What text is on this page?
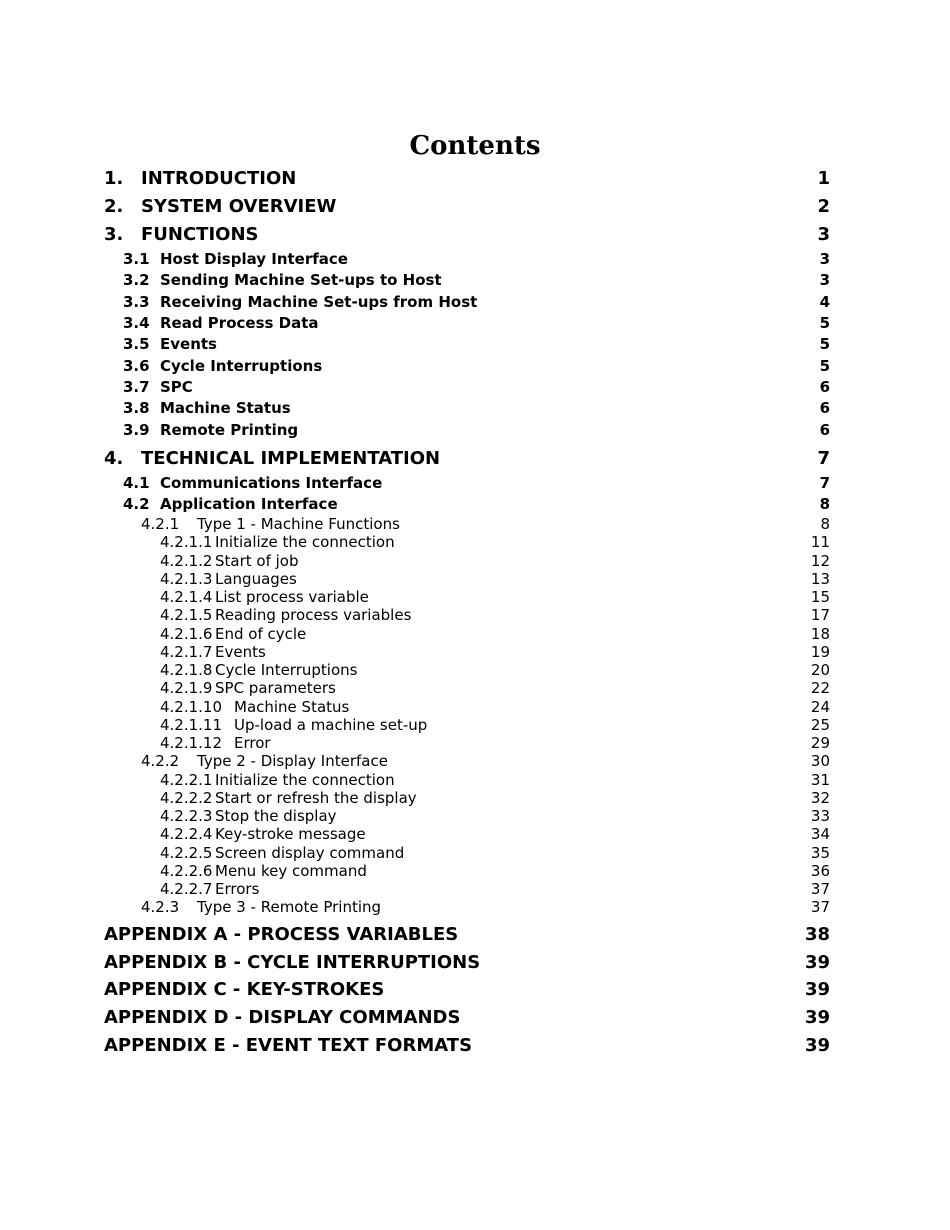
Contents
1. INTRODUCTION	1
2. SYSTEM OVERVIEW	2
3. FUNCTIONS	3
3.1 Host Display Interface	3
3.2 Sending Machine Set-ups to Host	3
3.3 Receiving Machine Set-ups from Host	4
3.4 Read Process Data	5
3.5 Events	5
3.6 Cycle Interruptions	5
3.7 SPC	6
3.8 Machine Status	6
3.9 Remote Printing	6
4. TECHNICAL IMPLEMENTATION	7
4.1 Communications Interface	7
4.2 Application Interface	8
4.2.1	Type 1 - Machine Functions	8
4.2.1.1 Initialize the connection	11
4.2.1.2 Start of job	12
4.2.1.3 Languages	13
4.2.1.4 List process variable	15
4.2.1.5 Reading process variables	17
4.2.1.6 End of cycle	18
4.2.1.7 Events	19
4.2.1.8 Cycle Interruptions	20
4.2.1.9 SPC parameters	22
4.2.1.10 Machine Status	24
4.2.1.11 Up-load a machine set-up	25
4.2.1.12 Error	29
4.2.2	Type 2 - Display Interface	30
4.2.2.1 Initialize the connection	31
4.2.2.2 Start or refresh the display	32
4.2.2.3 Stop the display	33
4.2.2.4 Key-stroke message	34
4.2.2.5 Screen display command	35
4.2.2.6 Menu key command	36
4.2.2.7 Errors	37
4.2.3	Type 3 - Remote Printing	37
APPENDIX A - PROCESS VARIABLES	38
APPENDIX B - CYCLE INTERRUPTIONS	39
APPENDIX C - KEY-STROKES	39
APPENDIX D - DISPLAY COMMANDS	39
APPENDIX E - EVENT TEXT FORMATS	39
